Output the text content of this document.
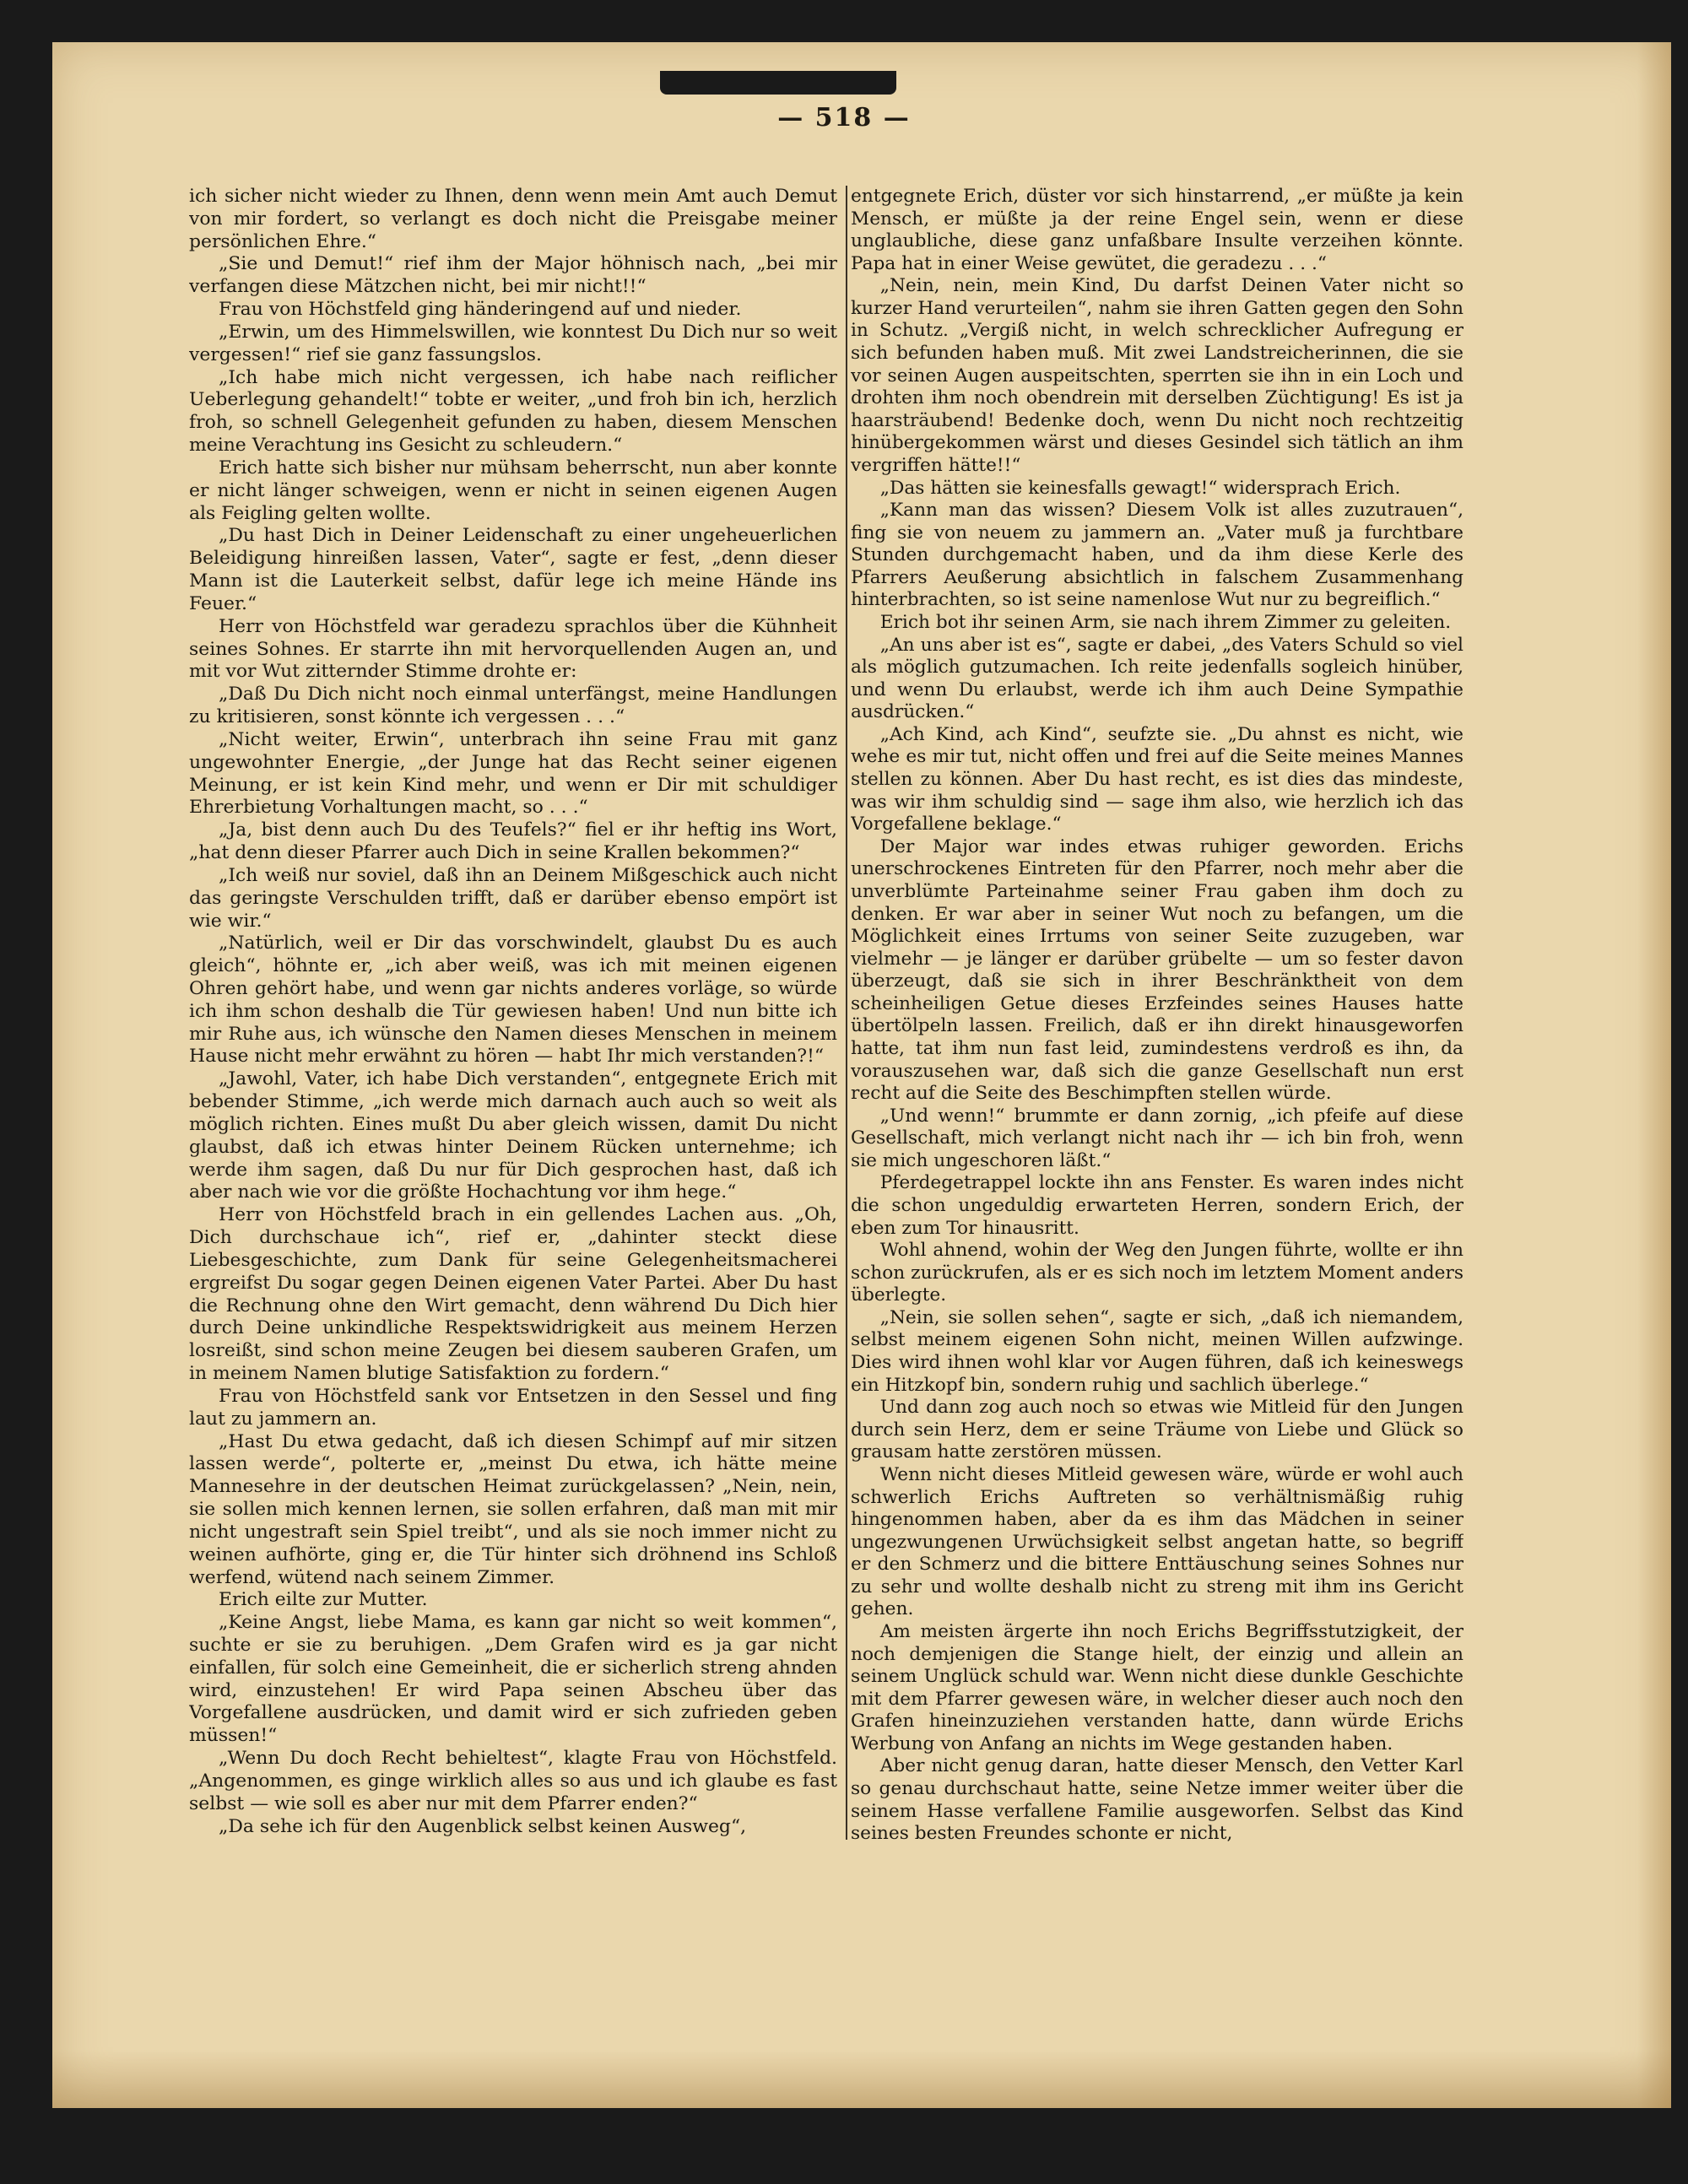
— 518 —

ich sicher nicht wieder zu Ihnen, denn wenn mein Amt auch Demut von mir fordert, so verlangt es doch nicht die Preisgabe meiner persönlichen Ehre.“

„Sie und Demut!“ rief ihm der Major höhnisch nach, „bei mir verfangen diese Mätzchen nicht, bei mir nicht!!“

Frau von Höchstfeld ging händeringend auf und nieder.

„Erwin, um des Himmelswillen, wie konntest Du Dich nur so weit vergessen!“ rief sie ganz fassungslos.

„Ich habe mich nicht vergessen, ich habe nach reiflicher Ueberlegung gehandelt!“ tobte er weiter, „und froh bin ich, herzlich froh, so schnell Gelegenheit gefunden zu haben, diesem Menschen meine Verachtung ins Gesicht zu schleudern.“

Erich hatte sich bisher nur mühsam beherrscht, nun aber konnte er nicht länger schweigen, wenn er nicht in seinen eigenen Augen als Feigling gelten wollte.

„Du hast Dich in Deiner Leidenschaft zu einer ungeheuerlichen Beleidigung hinreißen lassen, Vater“, sagte er fest, „denn dieser Mann ist die Lauterkeit selbst, dafür lege ich meine Hände ins Feuer.“

Herr von Höchstfeld war geradezu sprachlos über die Kühnheit seines Sohnes. Er starrte ihn mit hervorquellenden Augen an, und mit vor Wut zitternder Stimme drohte er:

„Daß Du Dich nicht noch einmal unterfängst, meine Handlungen zu kritisieren, sonst könnte ich vergessen . . .“

„Nicht weiter, Erwin“, unterbrach ihn seine Frau mit ganz ungewohnter Energie, „der Junge hat das Recht seiner eigenen Meinung, er ist kein Kind mehr, und wenn er Dir mit schuldiger Ehrerbietung Vorhaltungen macht, so . . .“

„Ja, bist denn auch Du des Teufels?“ fiel er ihr heftig ins Wort, „hat denn dieser Pfarrer auch Dich in seine Krallen bekommen?“

„Ich weiß nur soviel, daß ihn an Deinem Mißgeschick auch nicht das geringste Verschulden trifft, daß er darüber ebenso empört ist wie wir.“

„Natürlich, weil er Dir das vorschwindelt, glaubst Du es auch gleich“, höhnte er, „ich aber weiß, was ich mit meinen eigenen Ohren gehört habe, und wenn gar nichts anderes vorläge, so würde ich ihm schon deshalb die Tür gewiesen haben! Und nun bitte ich mir Ruhe aus, ich wünsche den Namen dieses Menschen in meinem Hause nicht mehr erwähnt zu hören — habt Ihr mich verstanden?!“

„Jawohl, Vater, ich habe Dich verstanden“, entgegnete Erich mit bebender Stimme, „ich werde mich darnach auch auch so weit als möglich richten. Eines mußt Du aber gleich wissen, damit Du nicht glaubst, daß ich etwas hinter Deinem Rücken unternehme; ich werde ihm sagen, daß Du nur für Dich gesprochen hast, daß ich aber nach wie vor die größte Hochachtung vor ihm hege.“

Herr von Höchstfeld brach in ein gellendes Lachen aus. „Oh, Dich durchschaue ich“, rief er, „dahinter steckt diese Liebesgeschichte, zum Dank für seine Gelegenheitsmacherei ergreifst Du sogar gegen Deinen eigenen Vater Partei. Aber Du hast die Rechnung ohne den Wirt gemacht, denn während Du Dich hier durch Deine unkindliche Respektswidrigkeit aus meinem Herzen losreißt, sind schon meine Zeugen bei diesem sauberen Grafen, um in meinem Namen blutige Satisfaktion zu fordern.“

Frau von Höchstfeld sank vor Entsetzen in den Sessel und fing laut zu jammern an.

„Hast Du etwa gedacht, daß ich diesen Schimpf auf mir sitzen lassen werde“, polterte er, „meinst Du etwa, ich hätte meine Mannesehre in der deutschen Heimat zurückgelassen? „Nein, nein, sie sollen mich kennen lernen, sie sollen erfahren, daß man mit mir nicht ungestraft sein Spiel treibt“, und als sie noch immer nicht zu weinen aufhörte, ging er, die Tür hinter sich dröhnend ins Schloß werfend, wütend nach seinem Zimmer.

Erich eilte zur Mutter.

„Keine Angst, liebe Mama, es kann gar nicht so weit kommen“, suchte er sie zu beruhigen. „Dem Grafen wird es ja gar nicht einfallen, für solch eine Gemeinheit, die er sicherlich streng ahnden wird, einzustehen! Er wird Papa seinen Abscheu über das Vorgefallene ausdrücken, und damit wird er sich zufrieden geben müssen!“

„Wenn Du doch Recht behieltest“, klagte Frau von Höchstfeld. „Angenommen, es ginge wirklich alles so aus und ich glaube es fast selbst — wie soll es aber nur mit dem Pfarrer enden?“

„Da sehe ich für den Augenblick selbst keinen Ausweg“,

entgegnete Erich, düster vor sich hinstarrend, „er müßte ja kein Mensch, er müßte ja der reine Engel sein, wenn er diese unglaubliche, diese ganz unfaßbare Insulte verzeihen könnte. Papa hat in einer Weise gewütet, die geradezu . . .“

„Nein, nein, mein Kind, Du darfst Deinen Vater nicht so kurzer Hand verurteilen“, nahm sie ihren Gatten gegen den Sohn in Schutz. „Vergiß nicht, in welch schrecklicher Aufregung er sich befunden haben muß. Mit zwei Landstreicherinnen, die sie vor seinen Augen auspeitschten, sperrten sie ihn in ein Loch und drohten ihm noch obendrein mit derselben Züchtigung! Es ist ja haarsträubend! Bedenke doch, wenn Du nicht noch rechtzeitig hinübergekommen wärst und dieses Gesindel sich tätlich an ihm vergriffen hätte!!“

„Das hätten sie keinesfalls gewagt!“ widersprach Erich.

„Kann man das wissen? Diesem Volk ist alles zuzutrauen“, fing sie von neuem zu jammern an. „Vater muß ja furchtbare Stunden durchgemacht haben, und da ihm diese Kerle des Pfarrers Aeußerung absichtlich in falschem Zusammenhang hinterbrachten, so ist seine namenlose Wut nur zu begreiflich.“

Erich bot ihr seinen Arm, sie nach ihrem Zimmer zu geleiten.

„An uns aber ist es“, sagte er dabei, „des Vaters Schuld so viel als möglich gutzumachen. Ich reite jedenfalls sogleich hinüber, und wenn Du erlaubst, werde ich ihm auch Deine Sympathie ausdrücken.“

„Ach Kind, ach Kind“, seufzte sie. „Du ahnst es nicht, wie wehe es mir tut, nicht offen und frei auf die Seite meines Mannes stellen zu können. Aber Du hast recht, es ist dies das mindeste, was wir ihm schuldig sind — sage ihm also, wie herzlich ich das Vorgefallene beklage.“

Der Major war indes etwas ruhiger geworden. Erichs unerschrockenes Eintreten für den Pfarrer, noch mehr aber die unverblümte Parteinahme seiner Frau gaben ihm doch zu denken. Er war aber in seiner Wut noch zu befangen, um die Möglichkeit eines Irrtums von seiner Seite zuzugeben, war vielmehr — je länger er darüber grübelte — um so fester davon überzeugt, daß sie sich in ihrer Beschränktheit von dem scheinheiligen Getue dieses Erzfeindes seines Hauses hatte übertölpeln lassen. Freilich, daß er ihn direkt hinausgeworfen hatte, tat ihm nun fast leid, zumindestens verdroß es ihn, da vorauszusehen war, daß sich die ganze Gesellschaft nun erst recht auf die Seite des Beschimpften stellen würde.

„Und wenn!“ brummte er dann zornig, „ich pfeife auf diese Gesellschaft, mich verlangt nicht nach ihr — ich bin froh, wenn sie mich ungeschoren läßt.“

Pferdegetrappel lockte ihn ans Fenster. Es waren indes nicht die schon ungeduldig erwarteten Herren, sondern Erich, der eben zum Tor hinausritt.

Wohl ahnend, wohin der Weg den Jungen führte, wollte er ihn schon zurückrufen, als er es sich noch im letztem Moment anders überlegte.

„Nein, sie sollen sehen“, sagte er sich, „daß ich niemandem, selbst meinem eigenen Sohn nicht, meinen Willen aufzwinge. Dies wird ihnen wohl klar vor Augen führen, daß ich keineswegs ein Hitzkopf bin, sondern ruhig und sachlich überlege.“

Und dann zog auch noch so etwas wie Mitleid für den Jungen durch sein Herz, dem er seine Träume von Liebe und Glück so grausam hatte zerstören müssen.

Wenn nicht dieses Mitleid gewesen wäre, würde er wohl auch schwerlich Erichs Auftreten so verhältnismäßig ruhig hingenommen haben, aber da es ihm das Mädchen in seiner ungezwungenen Urwüchsigkeit selbst angetan hatte, so begriff er den Schmerz und die bittere Enttäuschung seines Sohnes nur zu sehr und wollte deshalb nicht zu streng mit ihm ins Gericht gehen.

Am meisten ärgerte ihn noch Erichs Begriffsstutzigkeit, der noch demjenigen die Stange hielt, der einzig und allein an seinem Unglück schuld war. Wenn nicht diese dunkle Geschichte mit dem Pfarrer gewesen wäre, in welcher dieser auch noch den Grafen hineinzuziehen verstanden hatte, dann würde Erichs Werbung von Anfang an nichts im Wege gestanden haben.

Aber nicht genug daran, hatte dieser Mensch, den Vetter Karl so genau durchschaut hatte, seine Netze immer weiter über die seinem Hasse verfallene Familie ausgeworfen. Selbst das Kind seines besten Freundes schonte er nicht,
